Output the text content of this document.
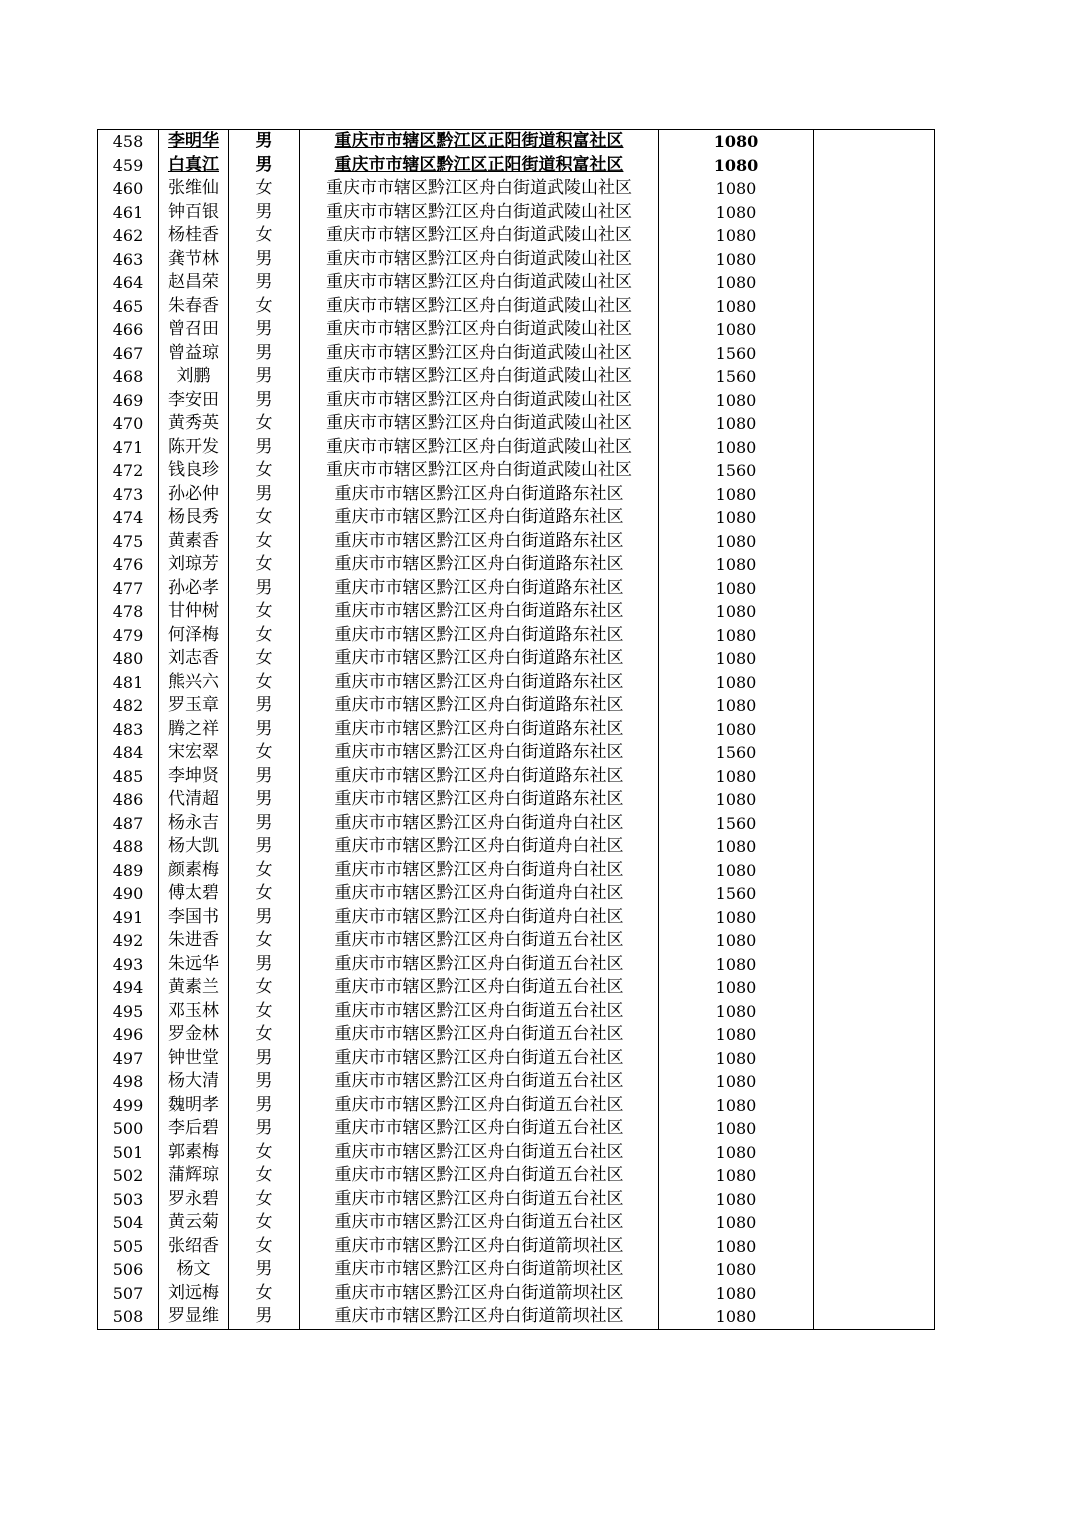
458	李明华	男	重庆市市辖区黔江区正阳街道积富社区	1080	
459	白真江	男	重庆市市辖区黔江区正阳街道积富社区	1080	
460	张维仙	女	重庆市市辖区黔江区舟白街道武陵山社区	1080	
461	钟百银	男	重庆市市辖区黔江区舟白街道武陵山社区	1080	
462	杨桂香	女	重庆市市辖区黔江区舟白街道武陵山社区	1080	
463	龚节林	男	重庆市市辖区黔江区舟白街道武陵山社区	1080	
464	赵昌荣	男	重庆市市辖区黔江区舟白街道武陵山社区	1080	
465	朱春香	女	重庆市市辖区黔江区舟白街道武陵山社区	1080	
466	曾召田	男	重庆市市辖区黔江区舟白街道武陵山社区	1080	
467	曾益琼	男	重庆市市辖区黔江区舟白街道武陵山社区	1560	
468	刘鹏	男	重庆市市辖区黔江区舟白街道武陵山社区	1560	
469	李安田	男	重庆市市辖区黔江区舟白街道武陵山社区	1080	
470	黄秀英	女	重庆市市辖区黔江区舟白街道武陵山社区	1080	
471	陈开发	男	重庆市市辖区黔江区舟白街道武陵山社区	1080	
472	钱良珍	女	重庆市市辖区黔江区舟白街道武陵山社区	1560	
473	孙必仲	男	重庆市市辖区黔江区舟白街道路东社区	1080	
474	杨艮秀	女	重庆市市辖区黔江区舟白街道路东社区	1080	
475	黄素香	女	重庆市市辖区黔江区舟白街道路东社区	1080	
476	刘琼芳	女	重庆市市辖区黔江区舟白街道路东社区	1080	
477	孙必孝	男	重庆市市辖区黔江区舟白街道路东社区	1080	
478	甘仲树	女	重庆市市辖区黔江区舟白街道路东社区	1080	
479	何泽梅	女	重庆市市辖区黔江区舟白街道路东社区	1080	
480	刘志香	女	重庆市市辖区黔江区舟白街道路东社区	1080	
481	熊兴六	女	重庆市市辖区黔江区舟白街道路东社区	1080	
482	罗玉章	男	重庆市市辖区黔江区舟白街道路东社区	1080	
483	腾之祥	男	重庆市市辖区黔江区舟白街道路东社区	1080	
484	宋宏翠	女	重庆市市辖区黔江区舟白街道路东社区	1560	
485	李坤贤	男	重庆市市辖区黔江区舟白街道路东社区	1080	
486	代清超	男	重庆市市辖区黔江区舟白街道路东社区	1080	
487	杨永吉	男	重庆市市辖区黔江区舟白街道舟白社区	1560	
488	杨大凯	男	重庆市市辖区黔江区舟白街道舟白社区	1080	
489	颜素梅	女	重庆市市辖区黔江区舟白街道舟白社区	1080	
490	傅太碧	女	重庆市市辖区黔江区舟白街道舟白社区	1560	
491	李国书	男	重庆市市辖区黔江区舟白街道舟白社区	1080	
492	朱进香	女	重庆市市辖区黔江区舟白街道五台社区	1080	
493	朱远华	男	重庆市市辖区黔江区舟白街道五台社区	1080	
494	黄素兰	女	重庆市市辖区黔江区舟白街道五台社区	1080	
495	邓玉林	女	重庆市市辖区黔江区舟白街道五台社区	1080	
496	罗金林	女	重庆市市辖区黔江区舟白街道五台社区	1080	
497	钟世堂	男	重庆市市辖区黔江区舟白街道五台社区	1080	
498	杨大清	男	重庆市市辖区黔江区舟白街道五台社区	1080	
499	魏明孝	男	重庆市市辖区黔江区舟白街道五台社区	1080	
500	李后碧	男	重庆市市辖区黔江区舟白街道五台社区	1080	
501	郭素梅	女	重庆市市辖区黔江区舟白街道五台社区	1080	
502	蒲辉琼	女	重庆市市辖区黔江区舟白街道五台社区	1080	
503	罗永碧	女	重庆市市辖区黔江区舟白街道五台社区	1080	
504	黄云菊	女	重庆市市辖区黔江区舟白街道五台社区	1080	
505	张绍香	女	重庆市市辖区黔江区舟白街道箭坝社区	1080	
506	杨文	男	重庆市市辖区黔江区舟白街道箭坝社区	1080	
507	刘远梅	女	重庆市市辖区黔江区舟白街道箭坝社区	1080	
508	罗显维	男	重庆市市辖区黔江区舟白街道箭坝社区	1080	
